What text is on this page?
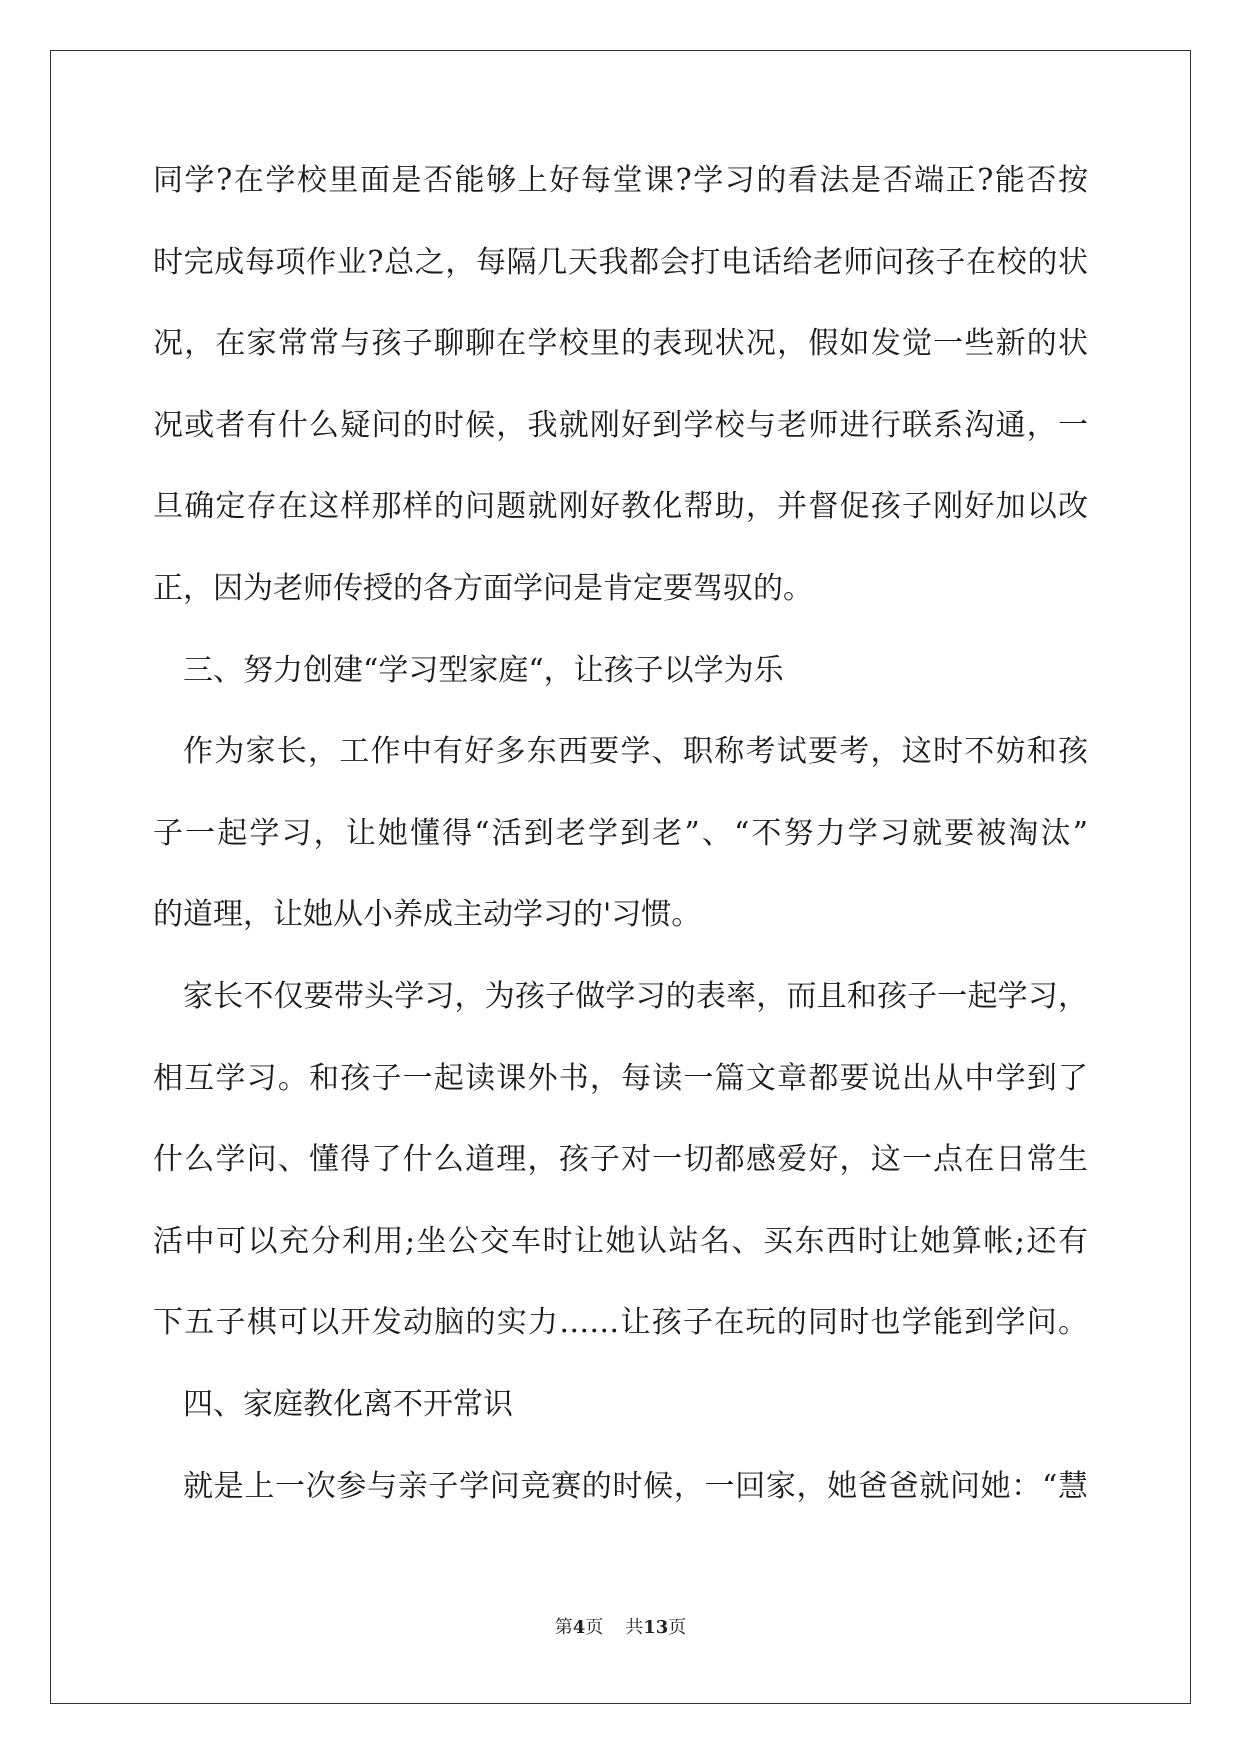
同学?在学校里面是否能够上好每堂课?学习的看法是否端正?能否按
时完成每项作业?总之，每隔几天我都会打电话给老师问孩子在校的状
况，在家常常与孩子聊聊在学校里的表现状况，假如发觉一些新的状
况或者有什么疑问的时候，我就刚好到学校与老师进行联系沟通，一
旦确定存在这样那样的问题就刚好教化帮助，并督促孩子刚好加以改
正，因为老师传授的各方面学问是肯定要驾驭的。
三、努力创建“学习型家庭“，让孩子以学为乐
作为家长，工作中有好多东西要学、职称考试要考，这时不妨和孩
子一起学习，让她懂得“活到老学到老”、“不努力学习就要被淘汰”
的道理，让她从小养成主动学习的'习惯。
家长不仅要带头学习，为孩子做学习的表率，而且和孩子一起学习，
相互学习。和孩子一起读课外书，每读一篇文章都要说出从中学到了
什么学问、懂得了什么道理，孩子对一切都感爱好，这一点在日常生
活中可以充分利用;坐公交车时让她认站名、买东西时让她算帐;还有
下五子棋可以开发动脑的实力……让孩子在玩的同时也学能到学问。
四、家庭教化离不开常识
就是上一次参与亲子学问竞赛的时候，一回家，她爸爸就问她：“慧
第4页 共13页
